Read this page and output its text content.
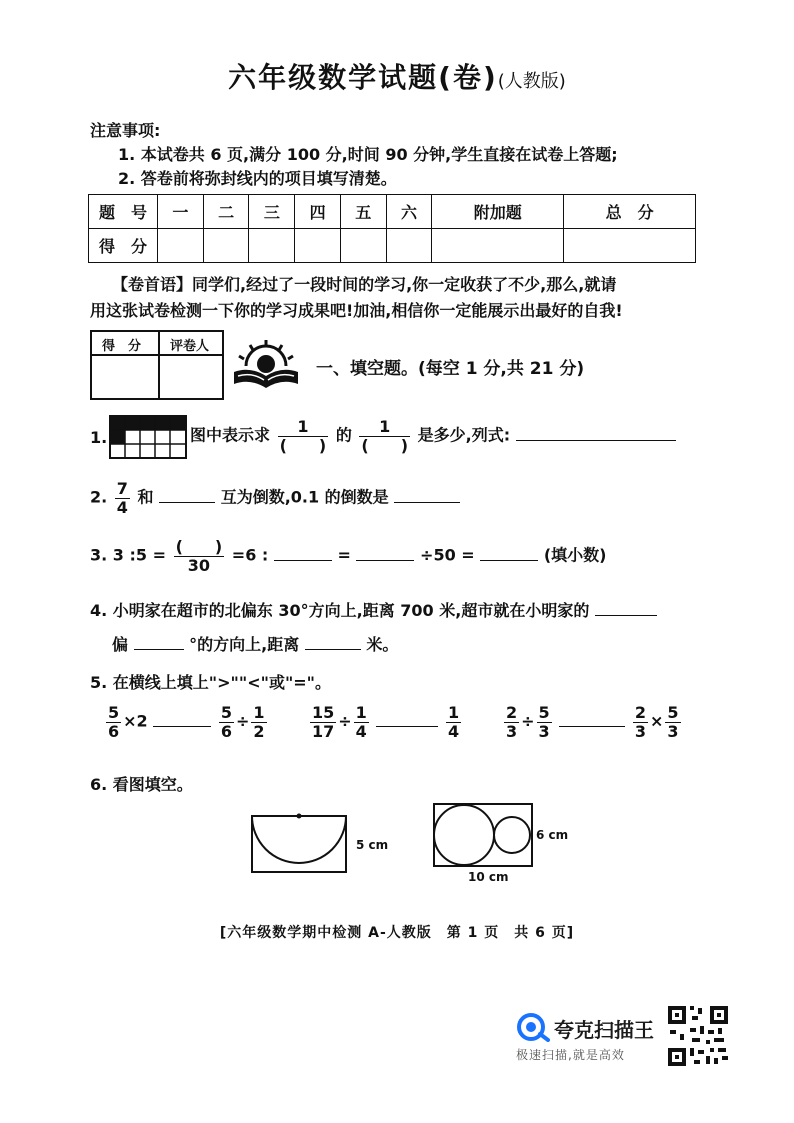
六年级数学试题(卷)(人教版)
注意事项:
1. 本试卷共 6 页,满分 100 分,时间 90 分钟,学生直接在试卷上答题;
2. 答卷前将弥封线内的项目填写清楚。
题　号	一	二	三	四	五	六	附加题	总　分
得　分								
【卷首语】同学们,经过了一段时间的学习,你一定收获了不少,那么,就请
用这张试卷检测一下你的学习成果吧!加油,相信你一定能展示出最好的自我!
得　分 评卷人
一、填空题。(每空 1 分,共 21 分)
1.	图中表示求 $\frac{1}{( )}$ 的 $\frac{1}{( )}$ 是多少,列式:
2. $\frac{7}{4}$ 和	互为倒数,0.1 的倒数是
3. 3 :5 = $\frac{( )}{30} =6$ :	=	÷50 =	(填小数)
4. 小明家在超市的北偏东 30°方向上,距离 700 米,超市就在小明家的
偏	°的方向上,距离	米。
5. 在横线上填上">""<"或"="。
$\frac{5}{6} \times 2$	$\frac{5}{6} \div \frac{1}{2}$	$\frac{15}{17} \div \frac{1}{4}$
	$\frac{1}{4}$	$\frac{2}{3} \div \frac{5}{3}$
	$\frac{2}{3} \times \frac{5}{3}$
6. 看图填空。
5 cm
6 cm
10 cm
[六年级数学期中检测 A-人教版　第 1 页　共 6 页]
夸克扫描王
极速扫描,就是高效
